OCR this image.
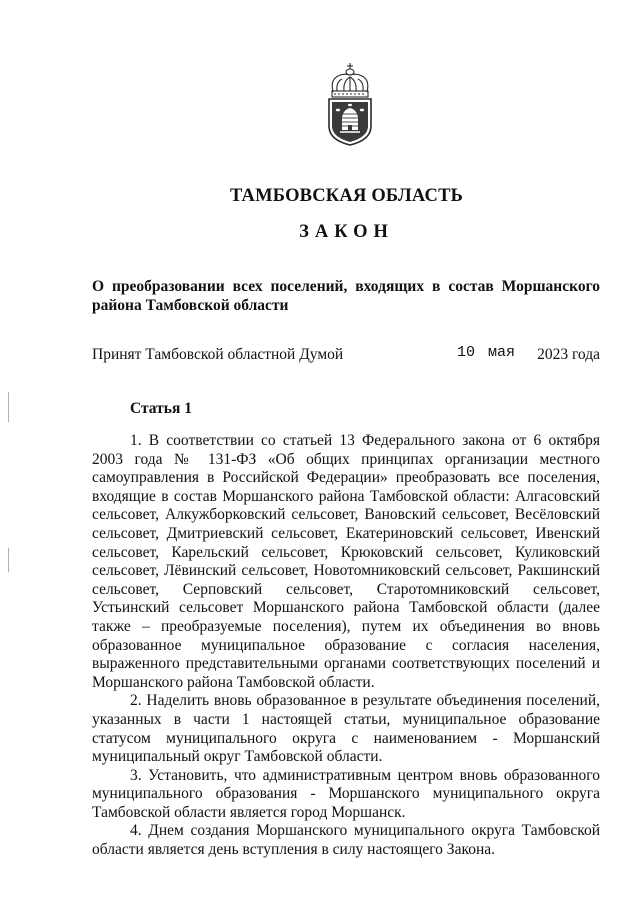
ТАМБОВСКАЯ ОБЛАСТЬ
ЗАКОН
О преобразовании всех поселений, входящих в состав Моршанского района Тамбовской области
Принят Тамбовской областной Думой	10 мая 2023 года
Статья 1

1. В соответствии со статьей 13 Федерального закона от 6 октября 2003 года № 131-ФЗ «Об общих принципах организации местного самоуправления в Российской Федерации» преобразовать все поселения, входящие в состав Моршанского района Тамбовской области: Алгасовский сельсовет, Алкужборковский сельсовет, Вановский сельсовет, Весёловский сельсовет, Дмитриевский сельсовет, Екатериновский сельсовет, Ивенский сельсовет, Карельский сельсовет, Крюковский сельсовет, Куликовский сельсовет, Лёвинский сельсовет, Новотомниковский сельсовет, Ракшинский сельсовет, Серповский сельсовет, Старотомниковский сельсовет, Устьинский сельсовет Моршанского района Тамбовской области (далее также – преобразуемые поселения), путем их объединения во вновь образованное муниципальное образование с согласия населения, выраженного представительными органами соответствующих поселений и Моршанского района Тамбовской области.

2. Наделить вновь образованное в результате объединения поселений, указанных в части 1 настоящей статьи, муниципальное образование статусом муниципального округа с наименованием - Моршанский муниципальный округ Тамбовской области.

3. Установить, что административным центром вновь образованного муниципального образования - Моршанского муниципального округа Тамбовской области является город Моршанск.

4. Днем создания Моршанского муниципального округа Тамбовской области является день вступления в силу настоящего Закона.
